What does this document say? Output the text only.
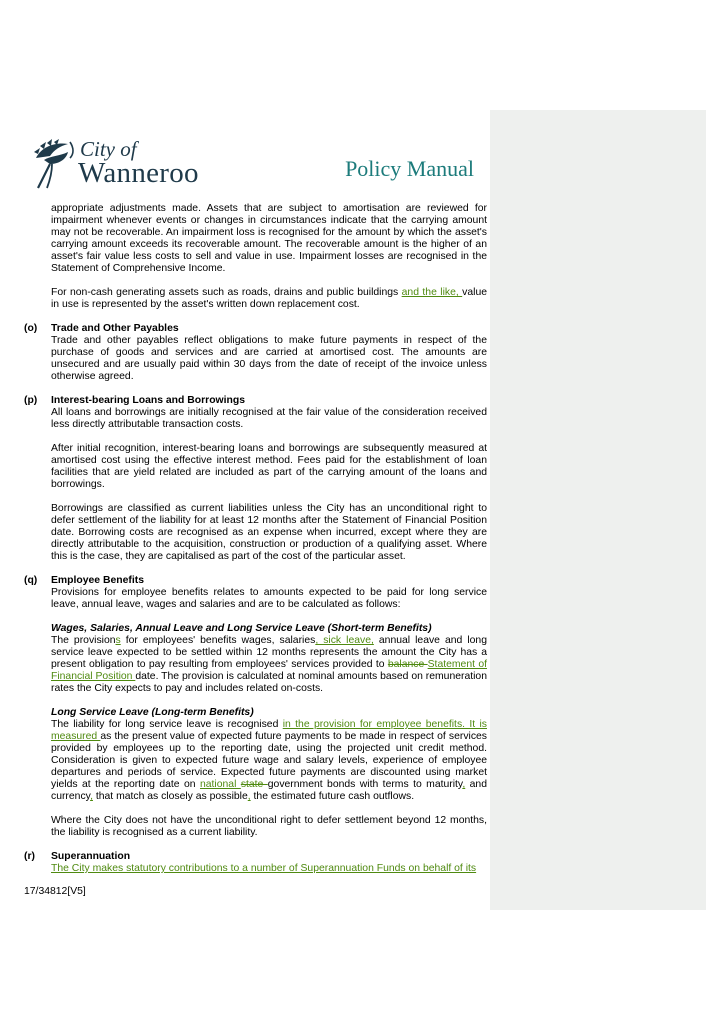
City of
Wanneroo	Policy Manual
appropriate adjustments made. Assets that are subject to amortisation are reviewed for impairment whenever events or changes in circumstances indicate that the carrying amount may not be recoverable. An impairment loss is recognised for the amount by which the asset's carrying amount exceeds its recoverable amount. The recoverable amount is the higher of an asset's fair value less costs to sell and value in use. Impairment losses are recognised in the Statement of Comprehensive Income.
For non-cash generating assets such as roads, drains and public buildings and the like, value in use is represented by the asset's written down replacement cost.
(o) Trade and Other Payables
Trade and other payables reflect obligations to make future payments in respect of the purchase of goods and services and are carried at amortised cost. The amounts are unsecured and are usually paid within 30 days from the date of receipt of the invoice unless otherwise agreed.
(p) Interest-bearing Loans and Borrowings
All loans and borrowings are initially recognised at the fair value of the consideration received less directly attributable transaction costs.
After initial recognition, interest-bearing loans and borrowings are subsequently measured at amortised cost using the effective interest method. Fees paid for the establishment of loan facilities that are yield related are included as part of the carrying amount of the loans and borrowings.
Borrowings are classified as current liabilities unless the City has an unconditional right to defer settlement of the liability for at least 12 months after the Statement of Financial Position date. Borrowing costs are recognised as an expense when incurred, except where they are directly attributable to the acquisition, construction or production of a qualifying asset. Where this is the case, they are capitalised as part of the cost of the particular asset.
(q) Employee Benefits
Provisions for employee benefits relates to amounts expected to be paid for long service leave, annual leave, wages and salaries and are to be calculated as follows:
Wages, Salaries, Annual Leave and Long Service Leave (Short-term Benefits)
The provisions for employees' benefits wages, salaries, sick leave, annual leave and long service leave expected to be settled within 12 months represents the amount the City has a present obligation to pay resulting from employees' services provided to balance Statement of Financial Position date. The provision is calculated at nominal amounts based on remuneration rates the City expects to pay and includes related on-costs.
Long Service Leave (Long-term Benefits)
The liability for long service leave is recognised in the provision for employee benefits. It is measured as the present value of expected future payments to be made in respect of services provided by employees up to the reporting date, using the projected unit credit method. Consideration is given to expected future wage and salary levels, experience of employee departures and periods of service. Expected future payments are discounted using market yields at the reporting date on national state government bonds with terms to maturity, and currency, that match as closely as possible, the estimated future cash outflows.
Where the City does not have the unconditional right to defer settlement beyond 12 months, the liability is recognised as a current liability.
(r) Superannuation
The City makes statutory contributions to a number of Superannuation Funds on behalf of its
17/34812[V5]
